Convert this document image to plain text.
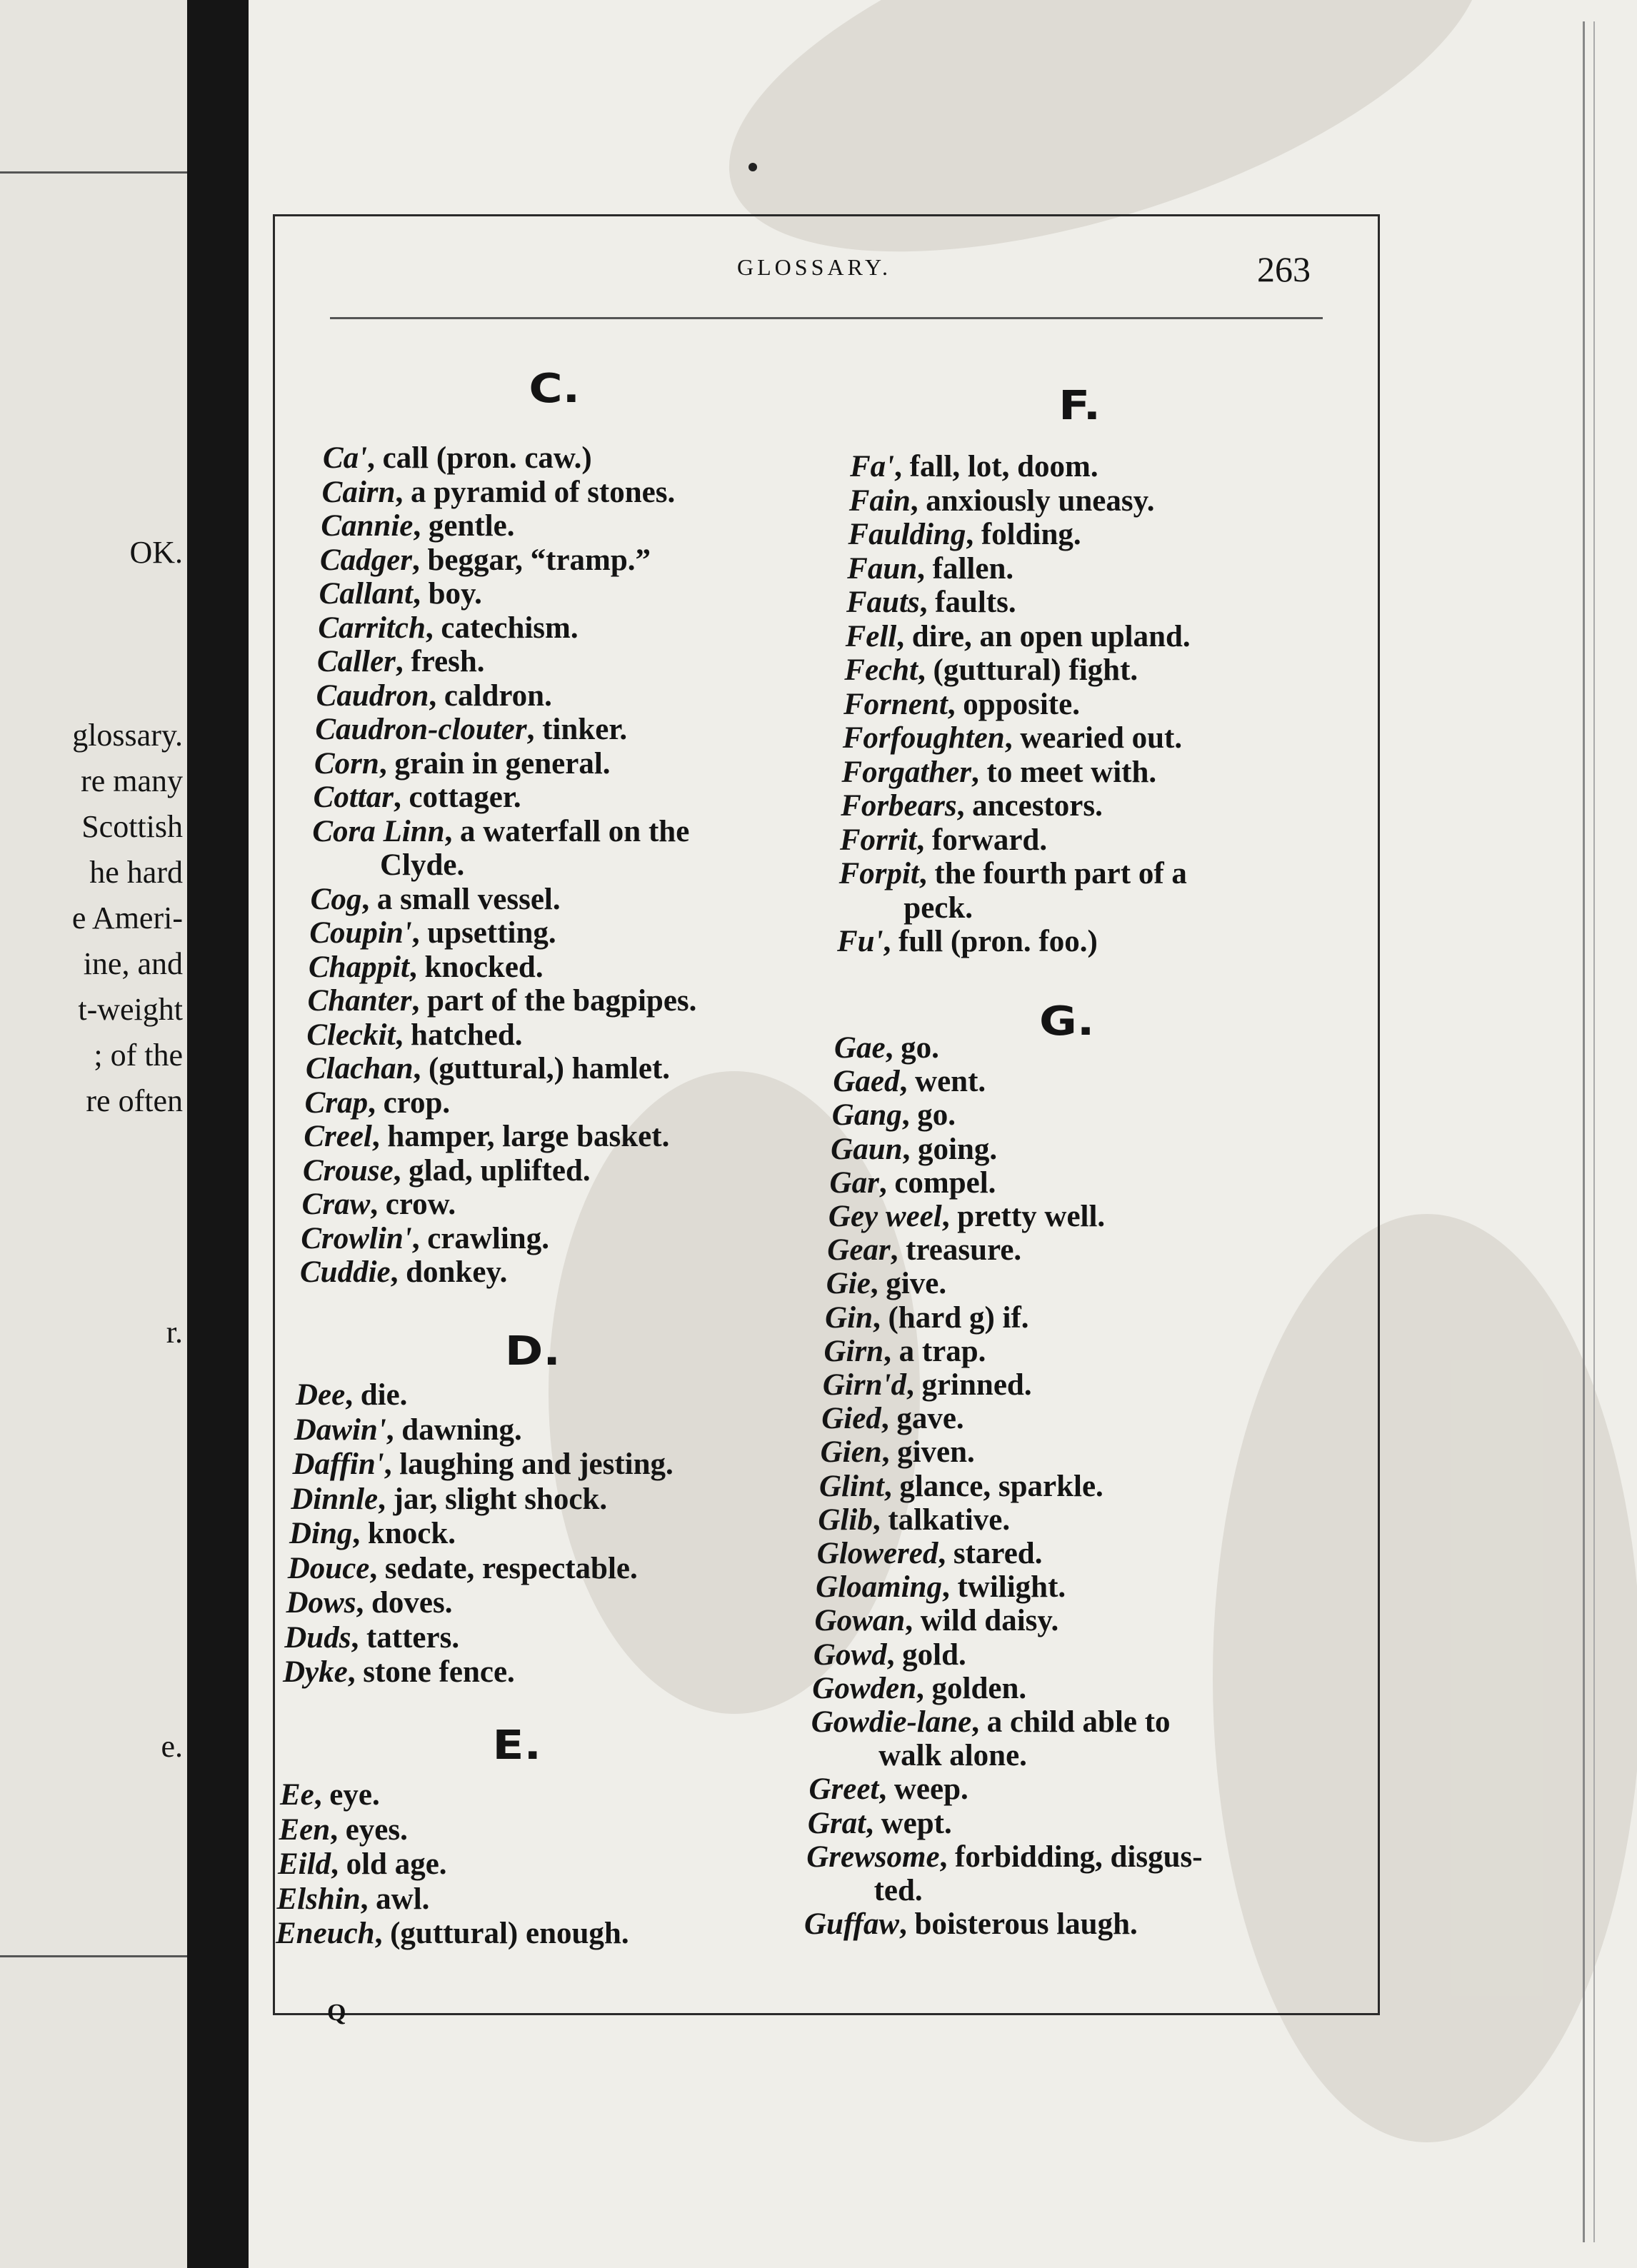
OK.
glossary.
re many
Scottish
he hard
e Ameri-
ine, and
t-weight
; of the
re often
r.
e.
GLOSSARY.	263
C.
D.
E.
F.
G.
Ca', call (pron. caw.)
Cairn, a pyramid of stones.
Cannie, gentle.
Cadger, beggar, “tramp.”
Callant, boy.
Carritch, catechism.
Caller, fresh.
Caudron, caldron.
Caudron-clouter, tinker.
Corn, grain in general.
Cottar, cottager.
Cora Linn, a waterfall on the
Clyde.
Cog, a small vessel.
Coupin', upsetting.
Chappit, knocked.
Chanter, part of the bagpipes.
Cleckit, hatched.
Clachan, (guttural,) hamlet.
Crap, crop.
Creel, hamper, large basket.
Crouse, glad, uplifted.
Craw, crow.
Crowlin', crawling.
Cuddie, donkey.
Dee, die.
Dawin', dawning.
Daffin', laughing and jesting.
Dinnle, jar, slight shock.
Ding, knock.
Douce, sedate, respectable.
Dows, doves.
Duds, tatters.
Dyke, stone fence.
Ee, eye.
Een, eyes.
Eild, old age.
Elshin, awl.
Eneuch, (guttural) enough.
Fa', fall, lot, doom.
Fain, anxiously uneasy.
Faulding, folding.
Faun, fallen.
Fauts, faults.
Fell, dire, an open upland.
Fecht, (guttural) fight.
Fornent, opposite.
Forfoughten, wearied out.
Forgather, to meet with.
Forbears, ancestors.
Forrit, forward.
Forpit, the fourth part of a
peck.
Fu', full (pron. foo.)
Gae, go.
Gaed, went.
Gang, go.
Gaun, going.
Gar, compel.
Gey weel, pretty well.
Gear, treasure.
Gie, give.
Gin, (hard g) if.
Girn, a trap.
Girn'd, grinned.
Gied, gave.
Gien, given.
Glint, glance, sparkle.
Glib, talkative.
Glowered, stared.
Gloaming, twilight.
Gowan, wild daisy.
Gowd, gold.
Gowden, golden.
Gowdie-lane, a child able to
walk alone.
Greet, weep.
Grat, wept.
Grewsome, forbidding, disgus-
ted.
Guffaw, boisterous laugh.
Q
